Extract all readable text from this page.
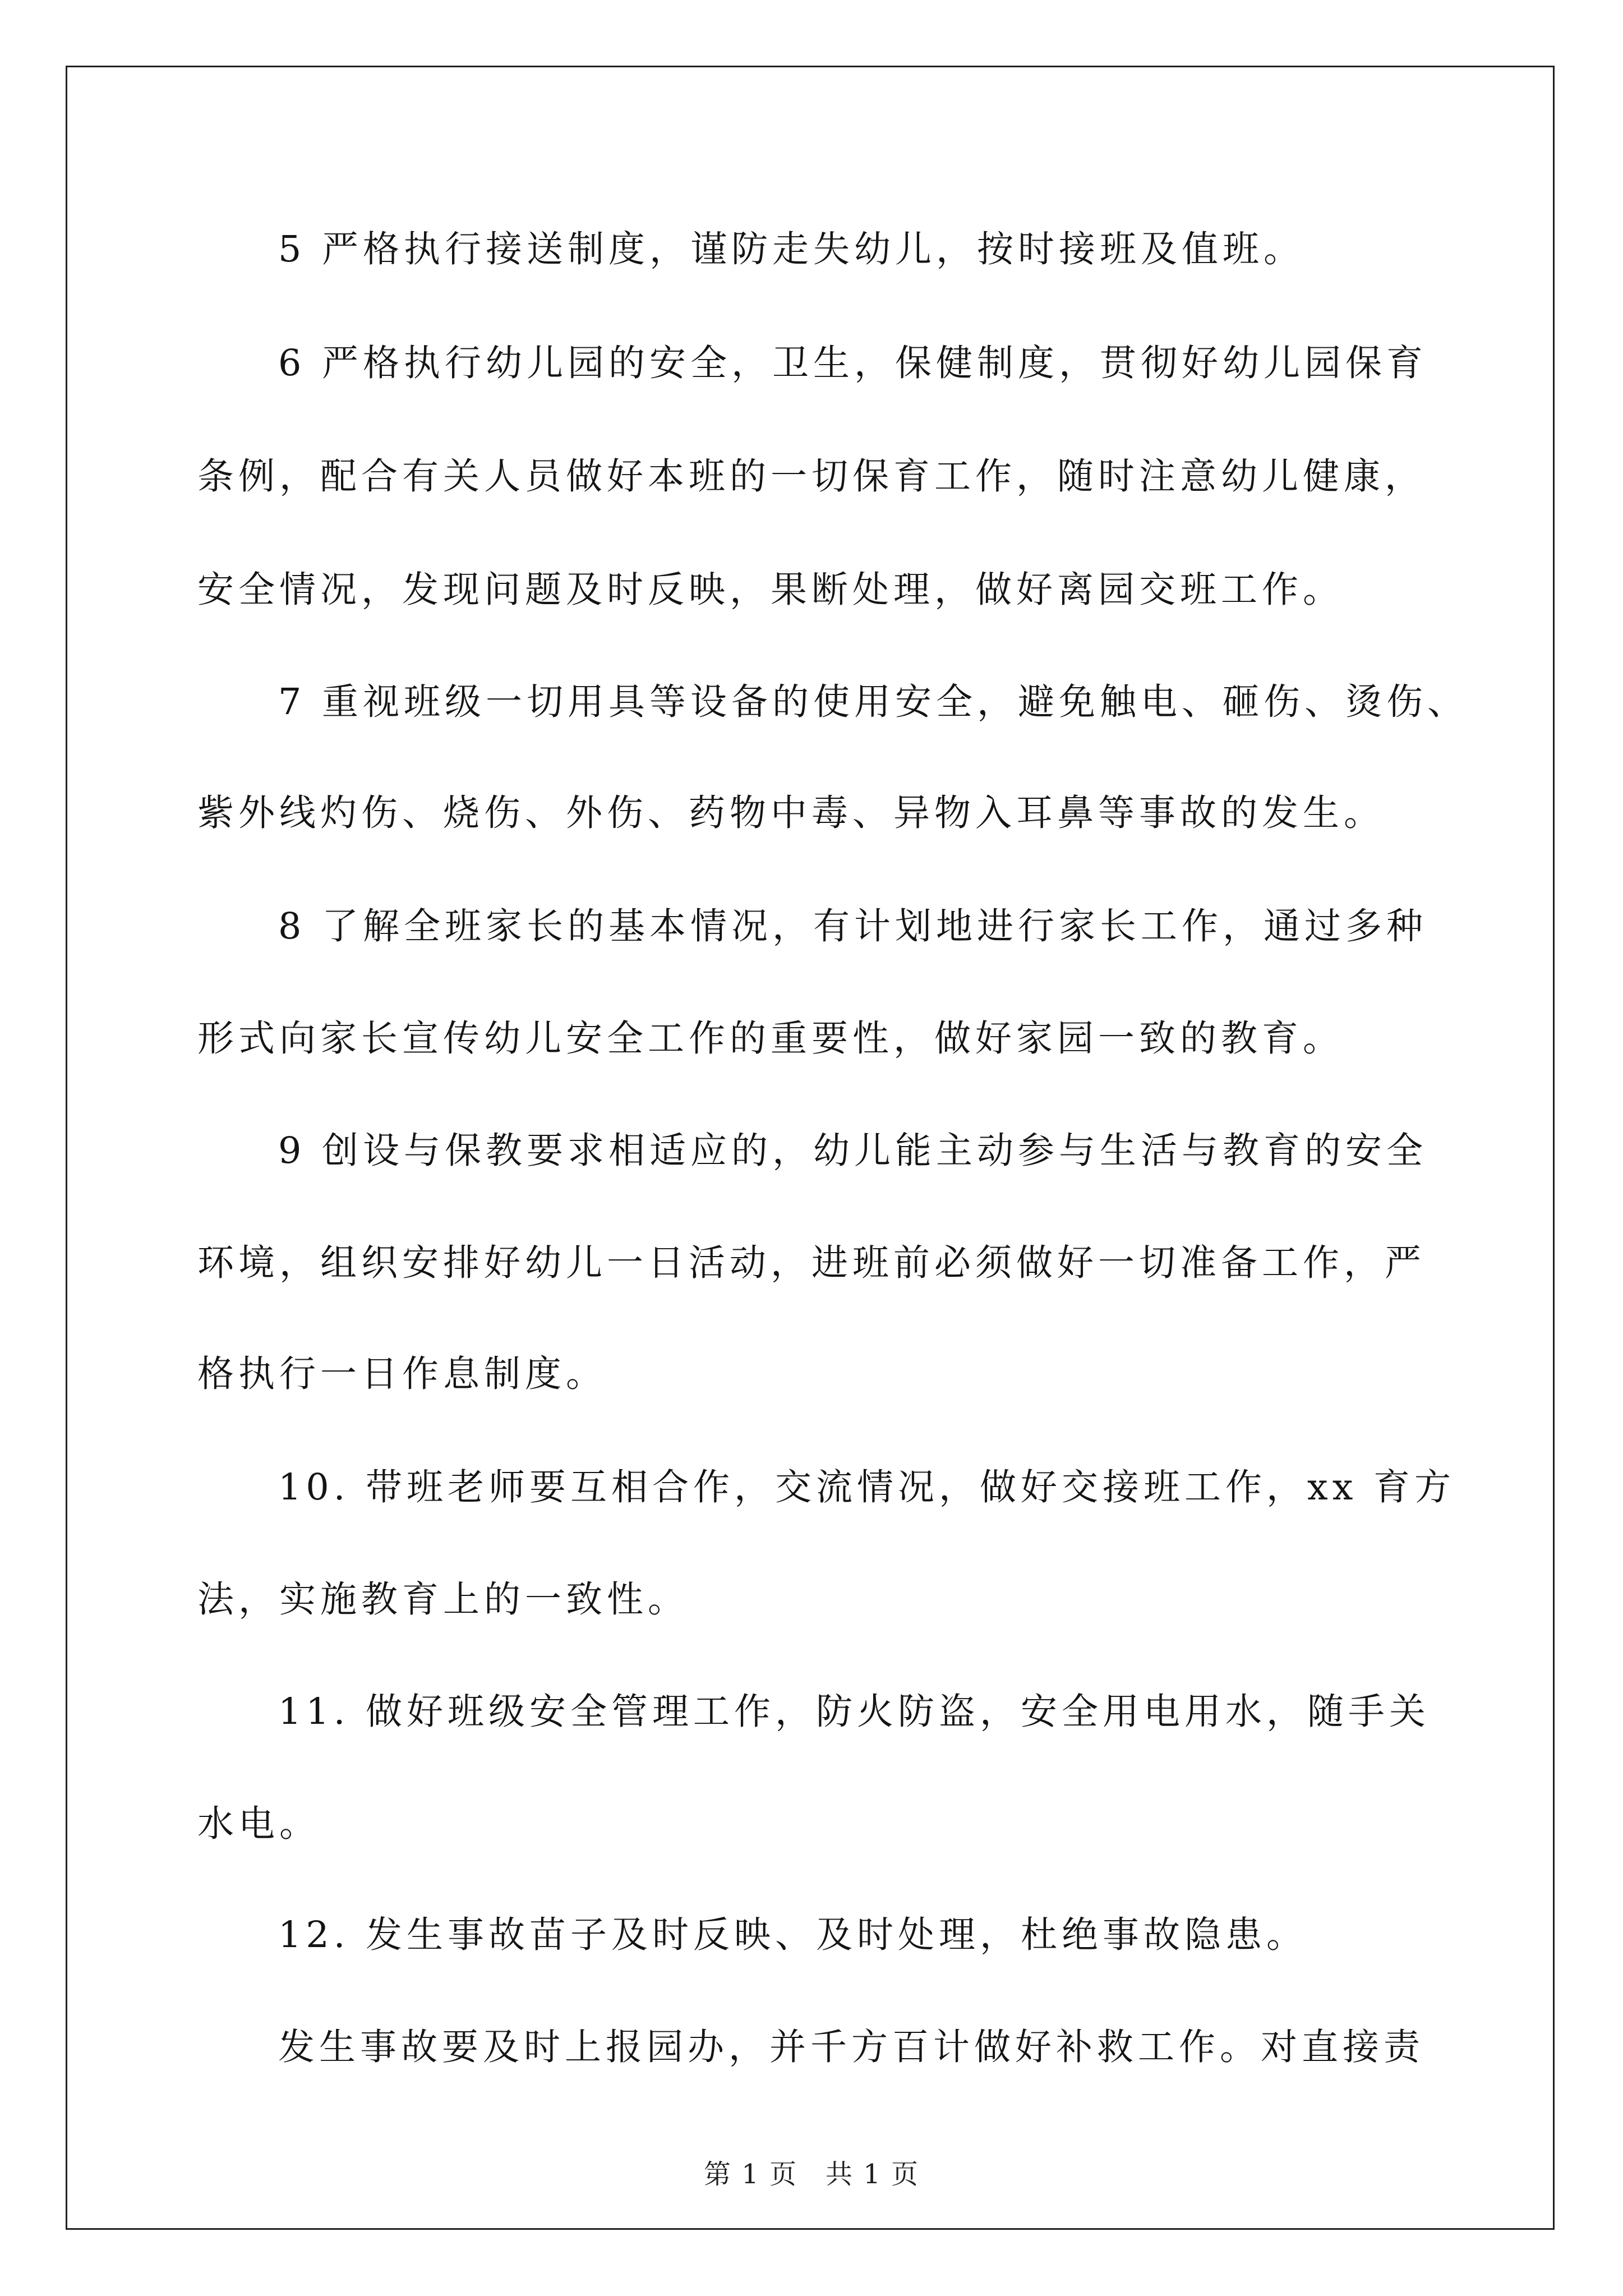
5 严格执行接送制度，谨防走失幼儿，按时接班及值班。
6 严格执行幼儿园的安全，卫生，保健制度，贯彻好幼儿园保育
条例，配合有关人员做好本班的一切保育工作，随时注意幼儿健康，
安全情况，发现问题及时反映，果断处理，做好离园交班工作。
7 重视班级一切用具等设备的使用安全，避免触电、砸伤、烫伤、
紫外线灼伤、烧伤、外伤、药物中毒、异物入耳鼻等事故的发生。
8 了解全班家长的基本情况，有计划地进行家长工作，通过多种
形式向家长宣传幼儿安全工作的重要性，做好家园一致的教育。
9 创设与保教要求相适应的，幼儿能主动参与生活与教育的安全
环境，组织安排好幼儿一日活动，进班前必须做好一切准备工作，严
格执行一日作息制度。
10. 带班老师要互相合作，交流情况，做好交接班工作，xx 育方
法，实施教育上的一致性。
11. 做好班级安全管理工作，防火防盗，安全用电用水，随手关
水电。
12. 发生事故苗子及时反映、及时处理，杜绝事故隐患。
发生事故要及时上报园办，并千方百计做好补救工作。对直接责
第 1 页　共 1 页
